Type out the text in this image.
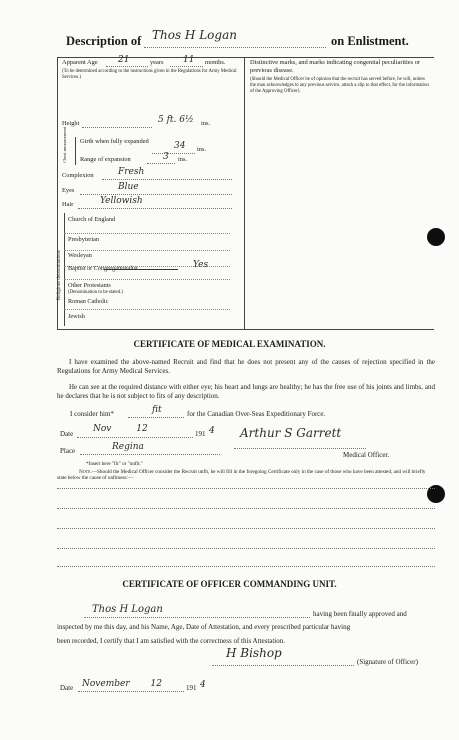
Description of Thos H Logan	on Enlistment.
Apparent Age 21	years 11 months.
(To be determined according to the instructions given in the Regulations for Army Medical Services.)
Height	5 ft. 6½ ins.
Chest measurement Girth when fully expanded	34 ins.
Range of expansion	3 ins.
Complexion	Fresh
Eyes	Blue
Hair	Yellowish
Religious denominations
Church of England
Presbyterian
Wesleyan
Baptist or Congregationalist	Yes
Other Protestants
(Denomination to be stated.)
Roman Catholic
Jewish
Distinctive marks, and marks indicating congenital peculiarities or previous disease.
(Should the Medical Officer be of opinion that the recruit has served before, he will, unless the man acknowledges to any previous service, attach a slip to that effect, for the information of the Approving Officer).
CERTIFICATE OF MEDICAL EXAMINATION.
I have examined the above-named Recruit and find that he does not present any of the causes of rejection specified in the Regulations for Army Medical Services.
He can see at the required distance with either eye; his heart and lungs are healthy; he has the free use of his joints and limbs, and he declares that he is not subject to fits of any description.
I consider him*	fit	for the Canadian Over-Seas Expeditionary Force.
Date Nov 12	191 4 Arthur S Garrett
Place	Regina
Medical Officer.
*Insert here "fit" or "unfit."
Note.—Should the Medical Officer consider the Recruit unfit, he will fill in the foregoing Certificate only in the case of those who have been attested, and will briefly state below the cause of unfitness:—
CERTIFICATE OF OFFICER COMMANDING UNIT.
Thos H Logan	having been finally approved and
inspected by me this day, and his Name, Age, Date of Attestation, and every prescribed particular having
been recorded, I certify that I am satisfied with the correctness of this Attestation.
H Bishop
(Signature of Officer)
Date November 12	191 4
